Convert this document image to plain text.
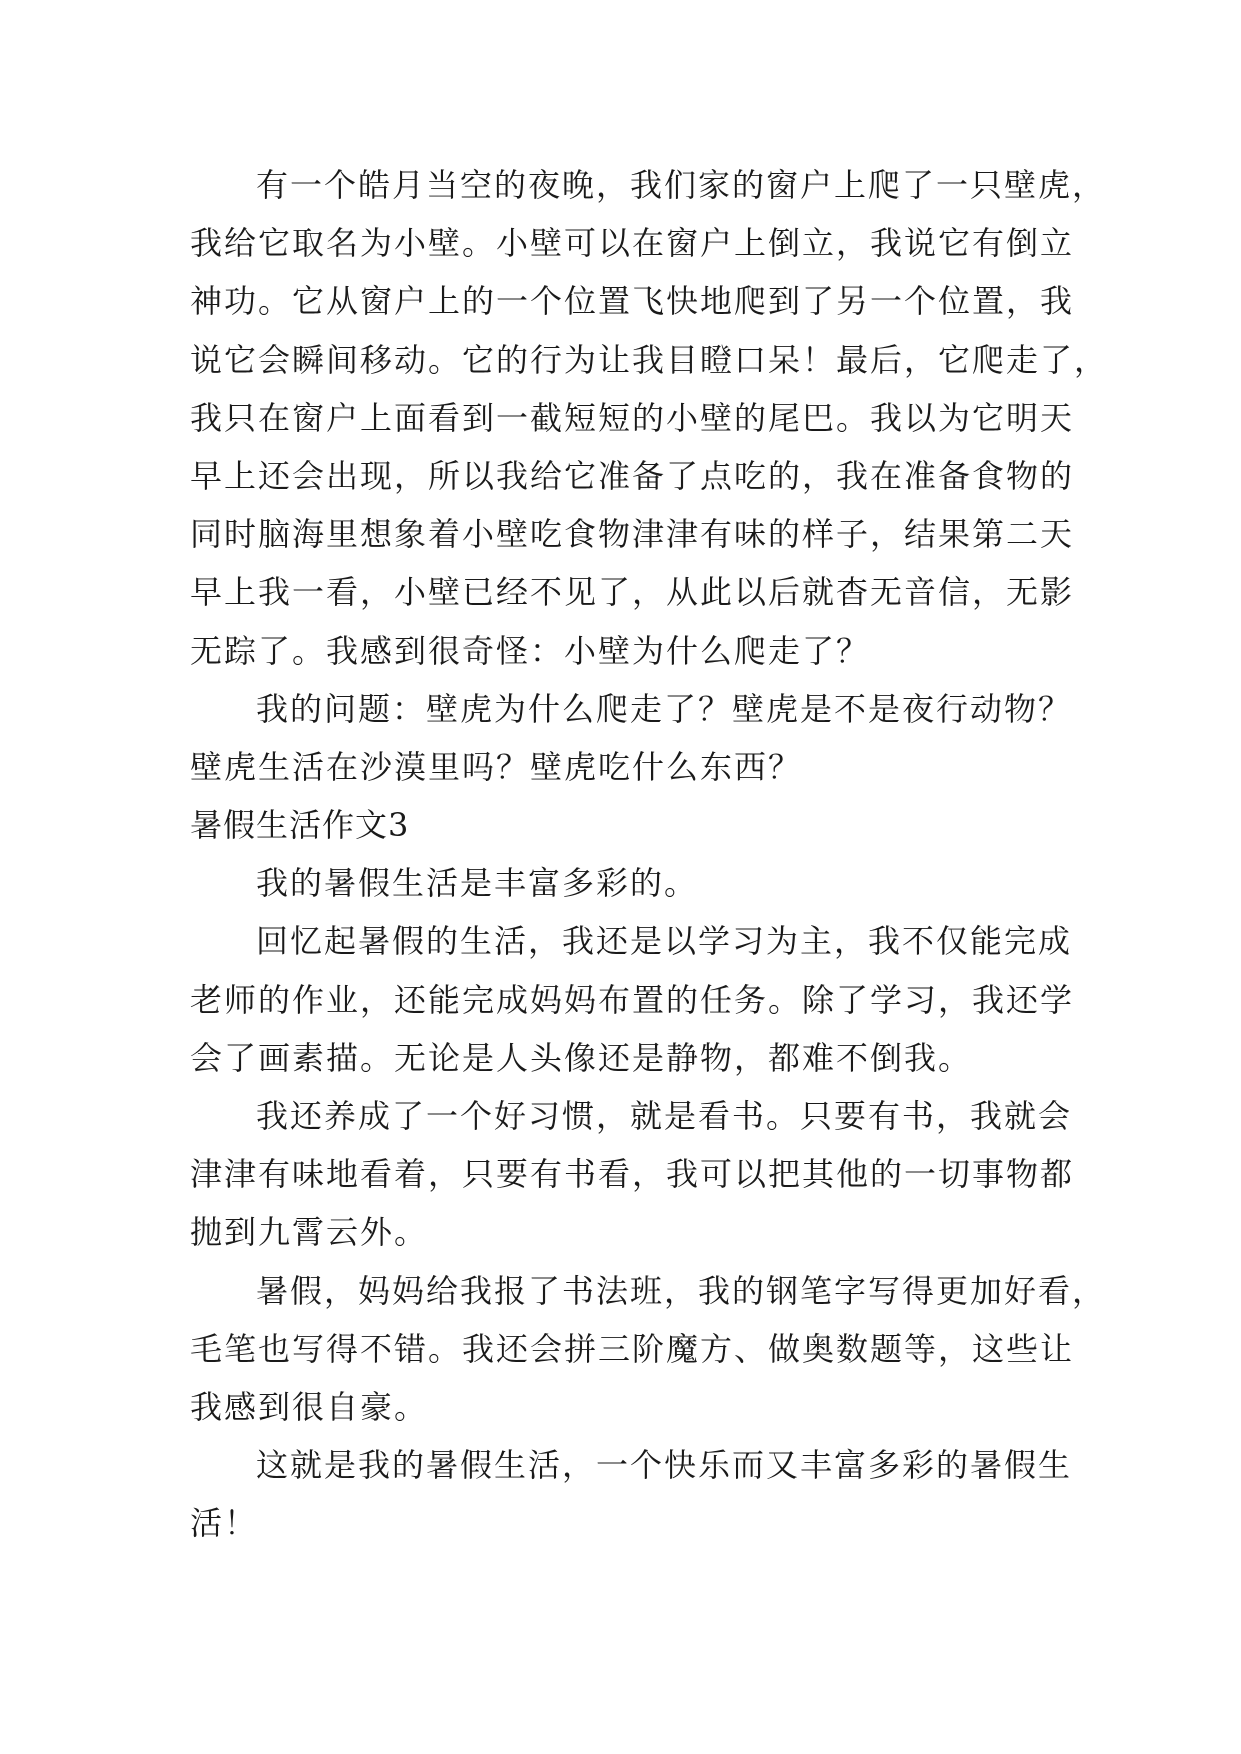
有一个皓月当空的夜晚，我们家的窗户上爬了一只壁虎，
我给它取名为小壁。小壁可以在窗户上倒立，我说它有倒立
神功。它从窗户上的一个位置飞快地爬到了另一个位置，我
说它会瞬间移动。它的行为让我目瞪口呆！最后，它爬走了，
我只在窗户上面看到一截短短的小壁的尾巴。我以为它明天
早上还会出现，所以我给它准备了点吃的，我在准备食物的
同时脑海里想象着小壁吃食物津津有味的样子，结果第二天
早上我一看，小壁已经不见了，从此以后就杳无音信，无影
无踪了。我感到很奇怪：小壁为什么爬走了？
我的问题：壁虎为什么爬走了？壁虎是不是夜行动物？
壁虎生活在沙漠里吗？壁虎吃什么东西？
暑假生活作文3
我的暑假生活是丰富多彩的。
回忆起暑假的生活，我还是以学习为主，我不仅能完成
老师的作业，还能完成妈妈布置的任务。除了学习，我还学
会了画素描。无论是人头像还是静物，都难不倒我。
我还养成了一个好习惯，就是看书。只要有书，我就会
津津有味地看着，只要有书看，我可以把其他的一切事物都
抛到九霄云外。
暑假，妈妈给我报了书法班，我的钢笔字写得更加好看，
毛笔也写得不错。我还会拼三阶魔方、做奥数题等，这些让
我感到很自豪。
这就是我的暑假生活，一个快乐而又丰富多彩的暑假生
活！
